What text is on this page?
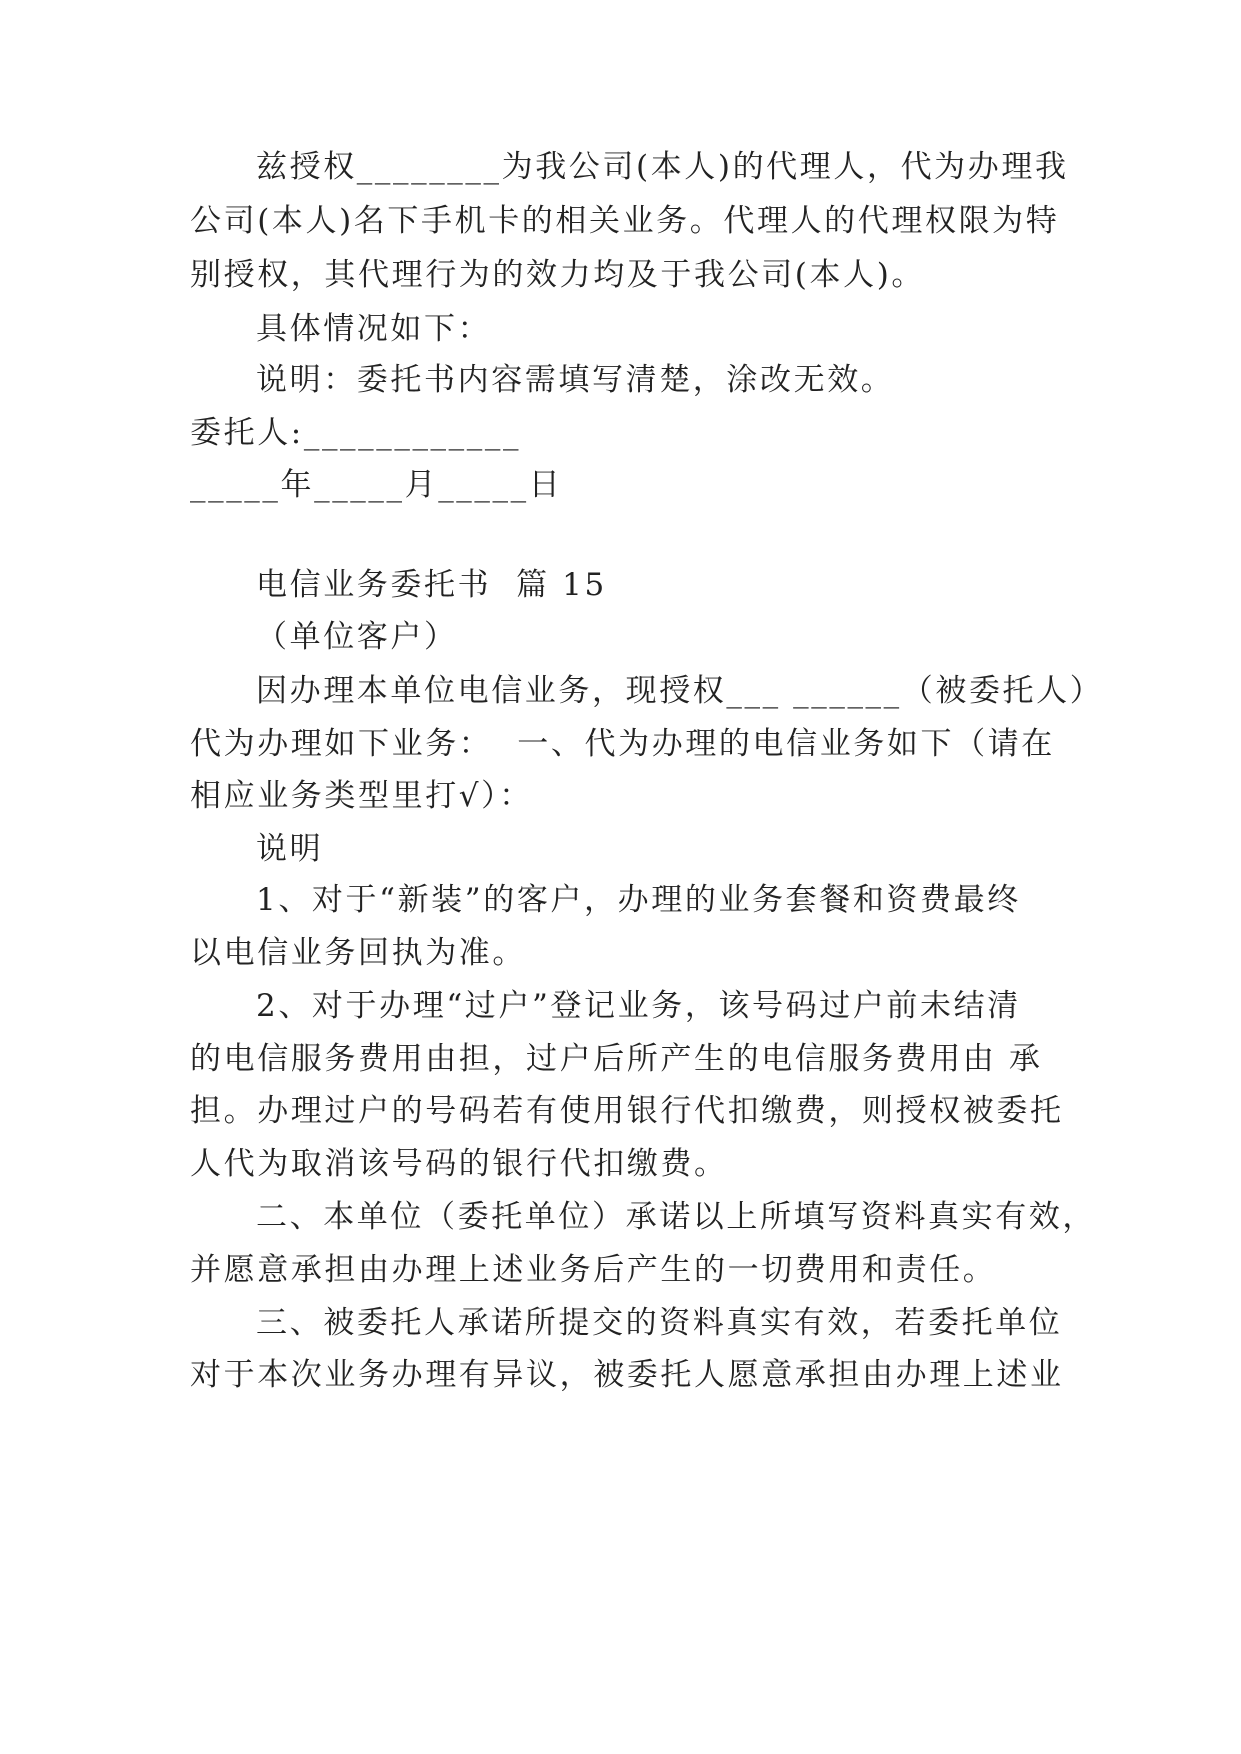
兹授权________为我公司(本人)的代理人，代为办理我
公司(本人)名下手机卡的相关业务。代理人的代理权限为特
别授权，其代理行为的效力均及于我公司(本人)。
具体情况如下：
说明：委托书内容需填写清楚，涂改无效。
委托人:____________
_____年_____月_____日
电信业务委托书  篇 15
（单位客户）
因办理本单位电信业务，现授权___ ______（被委托人）
代为办理如下业务：  一、代为办理的电信业务如下（请在
相应业务类型里打√）：
说明
1、对于“新装”的客户，办理的业务套餐和资费最终
以电信业务回执为准。
2、对于办理“过户”登记业务，该号码过户前未结清
的电信服务费用由担，过户后所产生的电信服务费用由 承
担。办理过户的号码若有使用银行代扣缴费，则授权被委托
人代为取消该号码的银行代扣缴费。
二、本单位（委托单位）承诺以上所填写资料真实有效，
并愿意承担由办理上述业务后产生的一切费用和责任。
三、被委托人承诺所提交的资料真实有效，若委托单位
对于本次业务办理有异议，被委托人愿意承担由办理上述业
